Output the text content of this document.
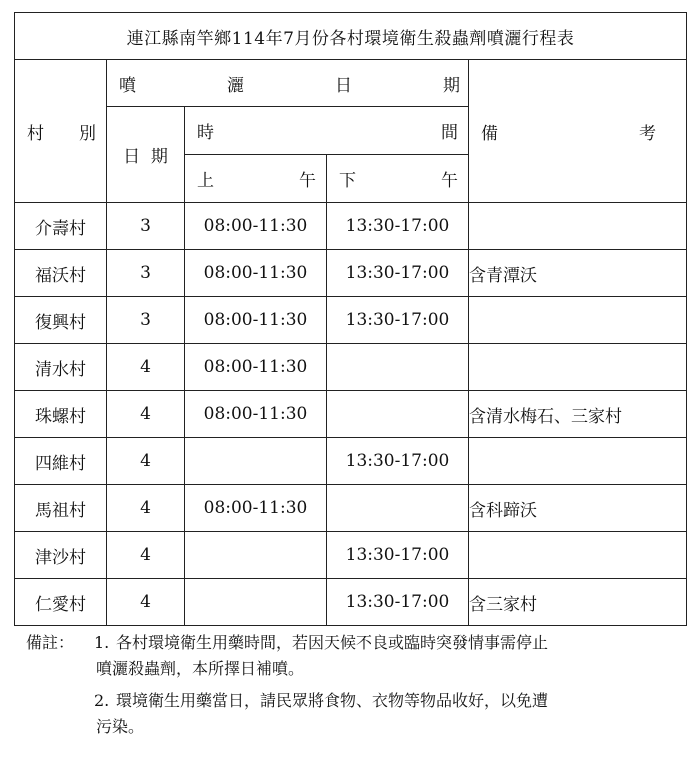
連江縣南竿鄉114年7月份各村環境衛生殺蟲劑噴灑行程表				

村 別	噴 灑 日 期			備 考

	日 期	時 間		

		上 午	下 午	

介壽村	3	08:00-11:30	13:30-17:00	
福沃村	3	08:00-11:30	13:30-17:00	含青潭沃
復興村	3	08:00-11:30	13:30-17:00	
清水村	4	08:00-11:30		
珠螺村	4	08:00-11:30		含清水梅石、三家村
四維村	4		13:30-17:00	
馬祖村	4	08:00-11:30		含科蹄沃
津沙村	4		13:30-17:00	
仁愛村	4		13:30-17:00	含三家村
備註： 1. 各村環境衛生用藥時間，若因天候不良或臨時突發情事需停止
噴灑殺蟲劑，本所擇日補噴。
2. 環境衛生用藥當日，請民眾將食物、衣物等物品收好，以免遭
污染。
